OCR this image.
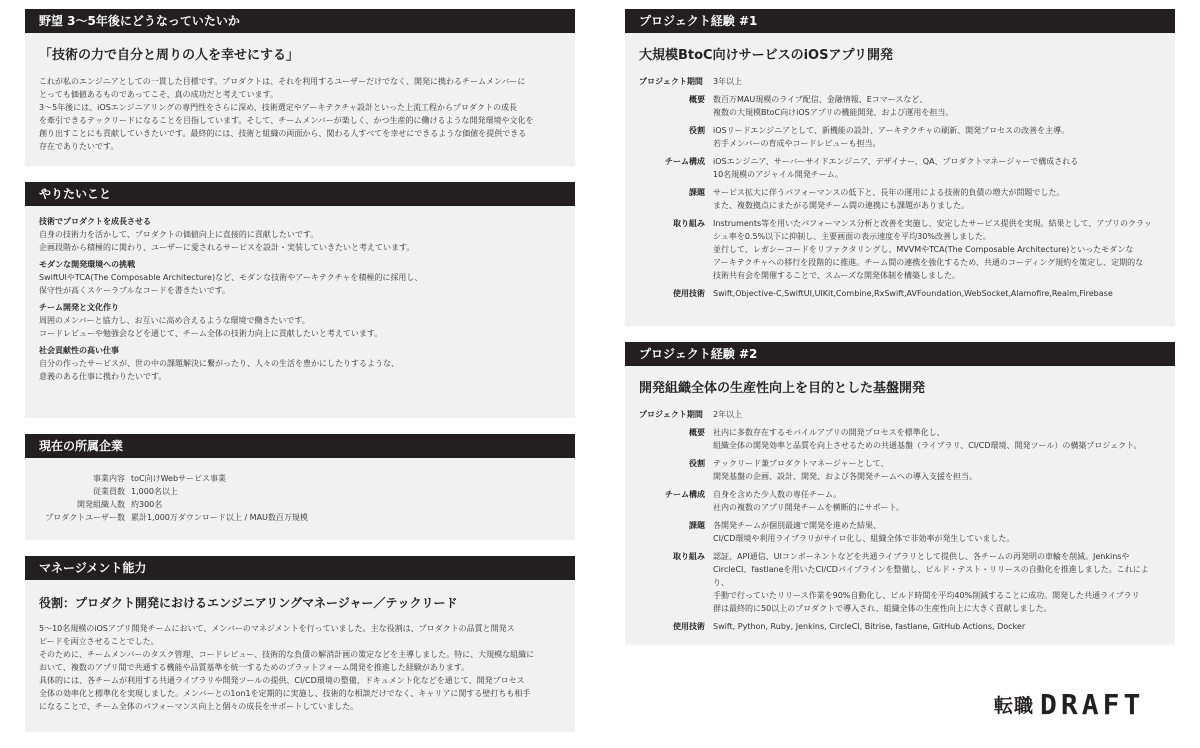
野望 3〜5年後にどうなっていたいか
「技術の力で自分と周りの人を幸せにする」
これが私のエンジニアとしての一貫した目標です。プロダクトは、それを利用するユーザーだけでなく、開発に携わるチームメンバーに
とっても価値あるものであってこそ、真の成功だと考えています。
3〜5年後には、iOSエンジニアリングの専門性をさらに深め、技術選定やアーキテクチャ設計といった上流工程からプロダクトの成長
を牽引できるテックリードになることを目指しています。そして、チームメンバーが楽しく、かつ生産的に働けるような開発環境や文化を
創り出すことにも貢献していきたいです。最終的には、技術と組織の両面から、関わる人すべてを幸せにできるような価値を提供できる
存在でありたいです。
やりたいこと
技術でプロダクトを成長させる
自身の技術力を活かして、プロダクトの価値向上に直接的に貢献したいです。
企画段階から積極的に関わり、ユーザーに愛されるサービスを設計・実装していきたいと考えています。
モダンな開発環境への挑戦
SwiftUIやTCA(The Composable Architecture)など、モダンな技術やアーキテクチャを積極的に採用し、
保守性が高くスケーラブルなコードを書きたいです。
チーム開発と文化作り
周囲のメンバーと協力し、お互いに高め合えるような環境で働きたいです。
コードレビューや勉強会などを通じて、チーム全体の技術力向上に貢献したいと考えています。
社会貢献性の高い仕事
自分の作ったサービスが、世の中の課題解決に繋がったり、人々の生活を豊かにしたりするような、
意義のある仕事に携わりたいです。
現在の所属企業
事業内容 toC向けWebサービス事業
従業員数 1,000名以上
開発組織人数 約300名
プロダクトユーザー数 累計1,000万ダウンロード以上 / MAU数百万規模
マネージメント能力
役割：プロダクト開発におけるエンジニアリングマネージャー／テックリード
5〜10名規模のiOSアプリ開発チームにおいて、メンバーのマネジメントを行っていました。主な役割は、プロダクトの品質と開発ス
ピードを両立させることでした。
そのために、チームメンバーのタスク管理、コードレビュー、技術的な負債の解消計画の策定などを主導しました。特に、大規模な組織に
おいて、複数のアプリ間で共通する機能や品質基準を統一するためのプラットフォーム開発を推進した経験があります。
具体的には、各チームが利用する共通ライブラリや開発ツールの提供、CI/CD環境の整備、ドキュメント化などを通じて、開発プロセス
全体の効率化と標準化を実現しました。メンバーとの1on1を定期的に実施し、技術的な相談だけでなく、キャリアに関する壁打ちも相手
になることで、チーム全体のパフォーマンス向上と個々の成長をサポートしていました。
プロジェクト経験 #1
大規模BtoC向けサービスのiOSアプリ開発
プロジェクト期間 3年以上
概要 数百万MAU規模のライブ配信、金融情報、Eコマースなど、
複数の大規模BtoC向けiOSアプリの機能開発、および運用を担当。
役割 iOSリードエンジニアとして、新機能の設計、アーキテクチャの刷新、開発プロセスの改善を主導。
若手メンバーの育成やコードレビューも担当。
チーム構成 iOSエンジニア、サーバーサイドエンジニア、デザイナー、QA、プロダクトマネージャーで構成される
10名規模のアジャイル開発チーム。
課題 サービス拡大に伴うパフォーマンスの低下と、長年の運用による技術的負債の増大が問題でした。
また、複数拠点にまたがる開発チーム間の連携にも課題がありました。
取り組み Instruments等を用いたパフォーマンス分析と改善を実施し、安定したサービス提供を実現。結果として、アプリのクラッ
シュ率を0.5%以下に抑制し、主要画面の表示速度を平均30%改善しました。
並行して、レガシーコードをリファクタリングし、MVVMやTCA(The Composable Architecture)といったモダンな
アーキテクチャへの移行を段階的に推進。チーム間の連携を強化するため、共通のコーディング規約を策定し、定期的な
技術共有会を開催することで、スムーズな開発体制を構築しました。
使用技術 Swift,Objective-C,SwiftUI,UIKit,Combine,RxSwift,AVFoundation,WebSocket,Alamofire,Realm,Firebase
プロジェクト経験 #2
開発組織全体の生産性向上を目的とした基盤開発
プロジェクト期間 2年以上
概要 社内に多数存在するモバイルアプリの開発プロセスを標準化し、
組織全体の開発効率と品質を向上させるための共通基盤（ライブラリ、CI/CD環境、開発ツール）の構築プロジェクト。
役割 テックリード兼プロダクトマネージャーとして、
開発基盤の企画、設計、開発、および各開発チームへの導入支援を担当。
チーム構成 自身を含めた少人数の専任チーム。
社内の複数のアプリ開発チームを横断的にサポート。
課題 各開発チームが個別最適で開発を進めた結果、
CI/CD環境や利用ライブラリがサイロ化し、組織全体で非効率が発生していました。
取り組み 認証、API通信、UIコンポーネントなどを共通ライブラリとして提供し、各チームの再発明の車輪を削減。Jenkinsや
CircleCI、fastlaneを用いたCI/CDパイプラインを整備し、ビルド・テスト・リリースの自動化を推進しました。これにより、
手動で行っていたリリース作業を90%自動化し、ビルド時間を平均40%削減することに成功。開発した共通ライブラリ
群は最終的に50以上のプロダクトで導入され、組織全体の生産性向上に大きく貢献しました。
使用技術 Swift, Python, Ruby, Jenkins, CircleCI, Bitrise, fastlane, GitHub Actions, Docker
転職 DRAFT
